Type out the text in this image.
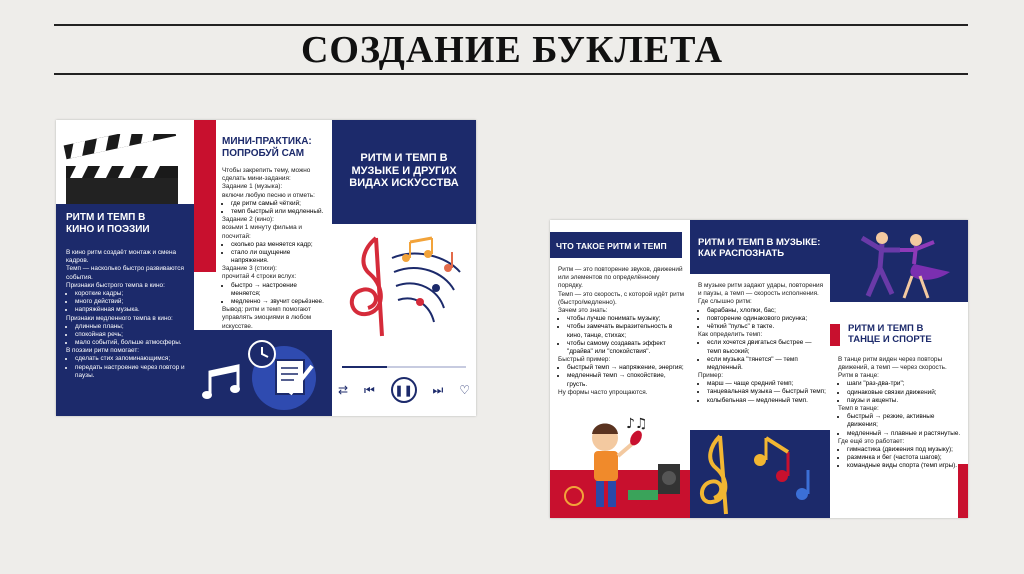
СОЗДАНИЕ БУКЛЕТА
РИТМ И ТЕМП В
КИНО И ПОЭЗИИ
В кино ритм создаёт монтаж и смена кадров.
Темп — насколько быстро развиваются события.
Признаки быстрого темпа в кино:
• короткие кадры;
• много действий;
• напряжённая музыка.
Признаки медленного темпа в кино:
• длинные планы;
• спокойная речь;
• мало событий, больше атмосферы.
В поэзии ритм помогает:
• сделать стих запоминающимся;
• передать настроение через повтор и паузы.
МИНИ-ПРАКТИКА:
ПОПРОБУЙ САМ
Чтобы закрепить тему, можно сделать мини-задания:
Задание 1 (музыка):
включи любую песню и отметь:
• где ритм самый чёткий;
• темп быстрый или медленный.
Задание 2 (кино):
возьми 1 минуту фильма и посчитай:
• сколько раз меняется кадр;
• стало ли ощущение напряжения.
Задание 3 (стихи):
прочитай 4 строки вслух:
• быстро → настроение меняется;
• медленно → звучит серьёзнее.
Вывод: ритм и темп помогают управлять эмоциями в любом искусстве.
РИТМ И ТЕМП В
МУЗЫКЕ И ДРУГИХ
ВИДАХ ИСКУССТВА
⇄ ⏮	❚❚	⏭ ♡
ЧТО ТАКОЕ РИТМ И ТЕМП
Ритм — это повторение звуков, движений или элементов по определённому порядку.
Темп — это скорость, с которой идёт ритм (быстро/медленно).
Зачем это знать:
• чтобы лучше понимать музыку;
• чтобы замечать выразительность в кино, танце, стихах;
• чтобы самому создавать эффект "драйва" или "спокойствия".
Быстрый пример:
• быстрый темп → напряжение, энергия;
• медленный темп → спокойствие, грусть.
Ну формы часто упрощаются.
♪♫
РИТМ И ТЕМП В МУЗЫКЕ:
КАК РАСПОЗНАТЬ
В музыке ритм задают удары, повторения и паузы, а темп — скорость исполнения.
Где слышно ритм:
• барабаны, хлопки, бас;
• повторение одинакового рисунка;
• чёткий "пульс" в такте.
Как определить темп:
• если хочется двигаться быстрее — темп высокий;
• если музыка "тянется" — темп медленный.
Пример:
• марш — чаще средний темп;
• танцевальная музыка — быстрый темп;
• колыбельная — медленный темп.
РИТМ И ТЕМП В
ТАНЦЕ И СПОРТЕ
В танце ритм виден через повторы движений, а темп — через скорость.
Ритм в танце:
• шаги "раз-два-три";
• одинаковые связки движений;
• паузы и акценты.
Темп в танце:
• быстрый → резкие, активные движения;
• медленный → плавные и растянутые.
Где ещё это работает:
• гимнастика (движения под музыку);
• разминка и бег (частота шагов);
• командные виды спорта (темп игры).
